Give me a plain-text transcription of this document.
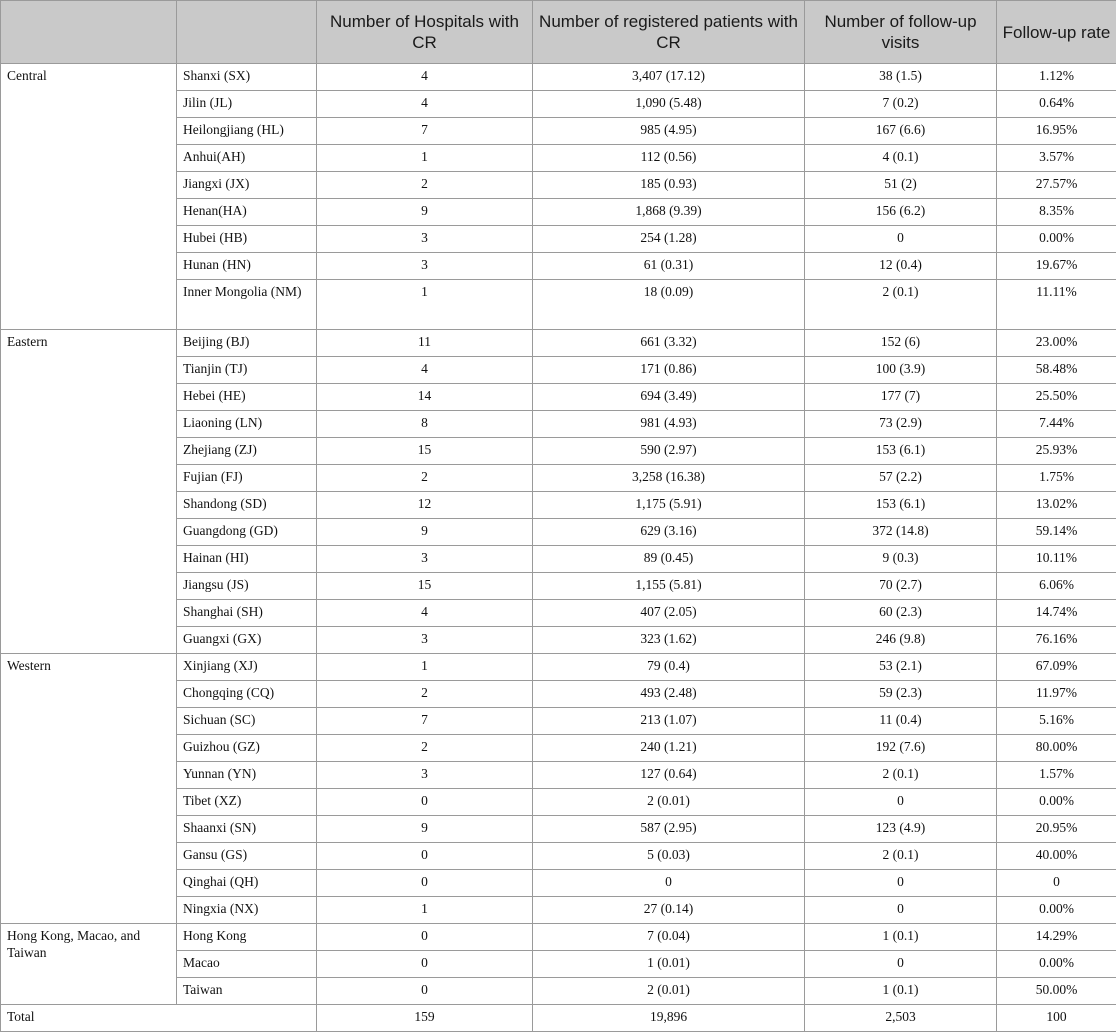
		Number of Hospitals with CR	Number of registered patients with CR	Number of follow-up visits	Follow-up rate
Central	Shanxi (SX)	4	3,407 (17.12)	38 (1.5)	1.12%
	Jilin (JL)	4	1,090 (5.48)	7 (0.2)	0.64%
	Heilongjiang (HL)	7	985 (4.95)	167 (6.6)	16.95%
	Anhui(AH)	1	112 (0.56)	4 (0.1)	3.57%
	Jiangxi (JX)	2	185 (0.93)	51 (2)	27.57%
	Henan(HA)	9	1,868 (9.39)	156 (6.2)	8.35%
	Hubei (HB)	3	254 (1.28)	0	0.00%
	Hunan (HN)	3	61 (0.31)	12 (0.4)	19.67%
	Inner Mongolia (NM)	1	18 (0.09)	2 (0.1)	11.11%
Eastern	Beijing (BJ)	11	661 (3.32)	152 (6)	23.00%
	Tianjin (TJ)	4	171 (0.86)	100 (3.9)	58.48%
	Hebei (HE)	14	694 (3.49)	177 (7)	25.50%
	Liaoning (LN)	8	981 (4.93)	73 (2.9)	7.44%
	Zhejiang (ZJ)	15	590 (2.97)	153 (6.1)	25.93%
	Fujian (FJ)	2	3,258 (16.38)	57 (2.2)	1.75%
	Shandong (SD)	12	1,175 (5.91)	153 (6.1)	13.02%
	Guangdong (GD)	9	629 (3.16)	372 (14.8)	59.14%
	Hainan (HI)	3	89 (0.45)	9 (0.3)	10.11%
	Jiangsu (JS)	15	1,155 (5.81)	70 (2.7)	6.06%
	Shanghai (SH)	4	407 (2.05)	60 (2.3)	14.74%
	Guangxi (GX)	3	323 (1.62)	246 (9.8)	76.16%
Western	Xinjiang (XJ)	1	79 (0.4)	53 (2.1)	67.09%
	Chongqing (CQ)	2	493 (2.48)	59 (2.3)	11.97%
	Sichuan (SC)	7	213 (1.07)	11 (0.4)	5.16%
	Guizhou (GZ)	2	240 (1.21)	192 (7.6)	80.00%
	Yunnan (YN)	3	127 (0.64)	2 (0.1)	1.57%
	Tibet (XZ)	0	2 (0.01)	0	0.00%
	Shaanxi (SN)	9	587 (2.95)	123 (4.9)	20.95%
	Gansu (GS)	0	5 (0.03)	2 (0.1)	40.00%
	Qinghai (QH)	0	0	0	0
	Ningxia (NX)	1	27 (0.14)	0	0.00%
Hong Kong, Macao, and Taiwan	Hong Kong	0	7 (0.04)	1 (0.1)	14.29%
	Macao	0	1 (0.01)	0	0.00%
	Taiwan	0	2 (0.01)	1 (0.1)	50.00%
Total		159	19,896	2,503	100
